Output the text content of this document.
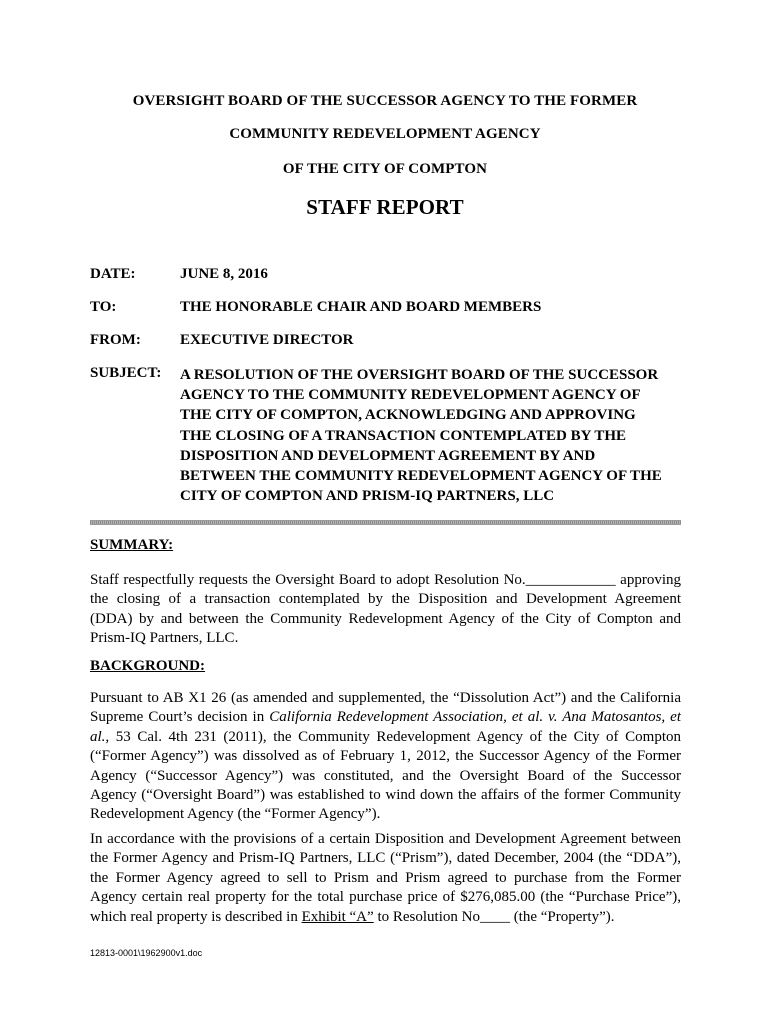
OVERSIGHT BOARD OF THE SUCCESSOR AGENCY TO THE FORMER
COMMUNITY REDEVELOPMENT AGENCY
OF THE CITY OF COMPTON
STAFF REPORT
DATE:	JUNE 8, 2016
TO:	THE HONORABLE CHAIR AND BOARD MEMBERS
FROM:	EXECUTIVE DIRECTOR
SUBJECT: A RESOLUTION OF THE OVERSIGHT BOARD OF THE SUCCESSOR
AGENCY TO THE COMMUNITY REDEVELOPMENT AGENCY OF
THE CITY OF COMPTON, ACKNOWLEDGING AND APPROVING
THE CLOSING OF A TRANSACTION CONTEMPLATED BY THE
DISPOSITION AND DEVELOPMENT AGREEMENT BY AND
BETWEEN THE COMMUNITY REDEVELOPMENT AGENCY OF THE
CITY OF COMPTON AND PRISM-IQ PARTNERS, LLC
SUMMARY:
Staff respectfully requests the Oversight Board to adopt Resolution No.____________ approving
the closing of a transaction contemplated by the Disposition and Development Agreement
(DDA) by and between the Community Redevelopment Agency of the City of Compton and
Prism-IQ Partners, LLC.
BACKGROUND:
Pursuant to AB X1 26 (as amended and supplemented, the “Dissolution Act”) and the California
Supreme Court’s decision in California Redevelopment Association, et al. v. Ana Matosantos, et
al., 53 Cal. 4th 231 (2011), the Community Redevelopment Agency of the City of Compton
(“Former Agency”) was dissolved as of February 1, 2012, the Successor Agency of the Former
Agency (“Successor Agency”) was constituted, and the Oversight Board of the Successor
Agency (“Oversight Board”) was established to wind down the affairs of the former Community
Redevelopment Agency (the “Former Agency”).
In accordance with the provisions of a certain Disposition and Development Agreement between
the Former Agency and Prism-IQ Partners, LLC (“Prism”), dated December, 2004 (the “DDA”),
the Former Agency agreed to sell to Prism and Prism agreed to purchase from the Former
Agency certain real property for the total purchase price of $276,085.00 (the “Purchase Price”),
which real property is described in Exhibit “A” to Resolution No____ (the “Property”).
12813-0001\1962900v1.doc
